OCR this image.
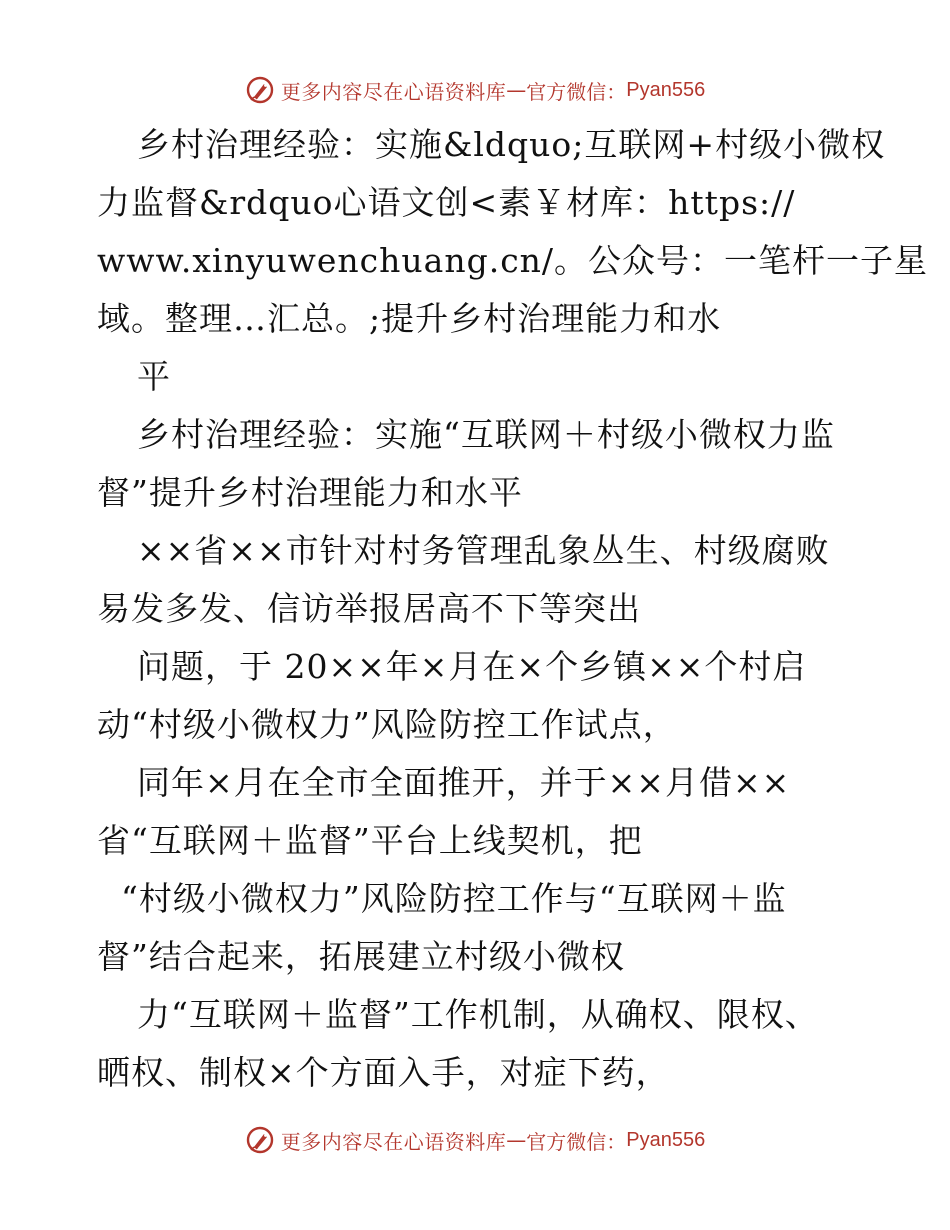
更多内容尽在心语资料库 — 官方微信： Pyan556
乡村治理经验：实施&ldquo;互联网+村级小微权
力监督&rdquo心语文创<素￥材库：https://
www.xinyuwenchuang.cn/。公众号：一笔杆一子星
域。整理…汇总。;提升乡村治理能力和水
平
乡村治理经验：实施“互联网＋村级小微权力监
督”提升乡村治理能力和水平
××省××市针对村务管理乱象丛生、村级腐败
易发多发、信访举报居高不下等突出
问题，于 20××年×月在×个乡镇××个村启
动“村级小微权力”风险防控工作试点，
同年×月在全市全面推开，并于××月借××
省“互联网＋监督”平台上线契机，把
“村级小微权力”风险防控工作与“互联网＋监
督”结合起来，拓展建立村级小微权
力“互联网＋监督”工作机制，从确权、限权、
晒权、制权×个方面入手，对症下药，
更多内容尽在心语资料库 — 官方微信： Pyan556
